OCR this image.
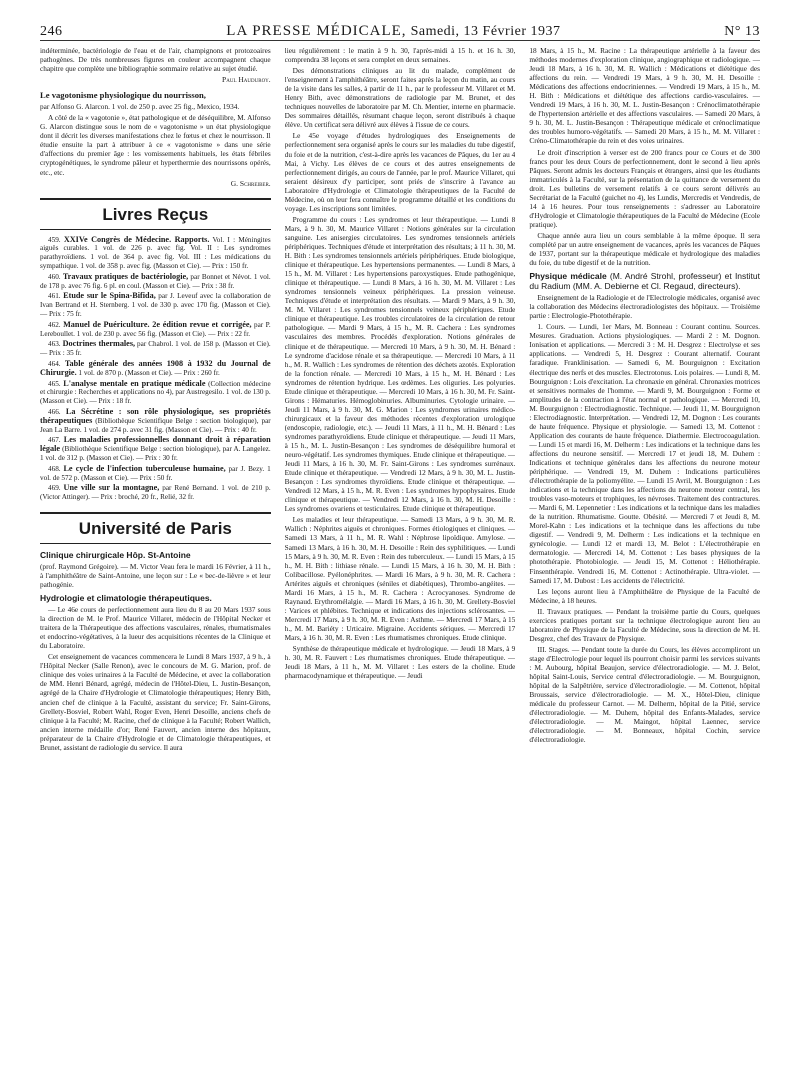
246	LA PRESSE MÉDICALE, Samedi, 13 Février 1937	N° 13

indéterminée, bactériologie de l'eau et de l'air, champignons et protozoaires pathogènes. De très nombreuses figures en couleur accompagnent chaque chapitre que complète une bibliographie sommaire relative au sujet étudié.

Paul Hauduroy.
Le vagotonisme physiologique du nourrisson,

par Alfonso G. Alarcon. 1 vol. de 250 p. avec 25 fig., Mexico, 1934.

A côté de la « vagotonie », état pathologique et de déséquilibre, M. Alfonso G. Alarcon distingue sous le nom de « vagotonisme » un état physiologique dont il décrit les diverses manifestations chez le fœtus et chez le nourrisson. Il étudie ensuite la part à attribuer à ce « vagotonisme » dans une série d'affections du premier âge : les vomissements habituels, les états fébriles cryptogénétiques, le syndrome pâleur et hyperthermie des nourrissons opérés, etc., etc.

G. Schreiber.
Livres Reçus

459. XXIVe Congrès de Médecine. Rapports. Vol. I : Méningites aiguës curables. 1 vol. de 226 p. avec fig. Vol. II : Les syndromes parathyroïdiens. 1 vol. de 364 p. avec fig. Vol. III : Les médications du sympathique. 1 vol. de 358 p. avec fig. (Masson et Cie). — Prix : 150 fr.

460. Travaux pratiques de bactériologie, par Bonnet et Névot. 1 vol. de 178 p. avec 76 fig. 6 pl. en coul. (Masson et Cie). — Prix : 38 fr.

461. Etude sur le Spina-Bifida, par J. Leveuf avec la collaboration de Ivan Bertrand et H. Sternberg. 1 vol. de 330 p. avec 170 fig. (Masson et Cie). — Prix : 75 fr.

462. Manuel de Puériculture. 2e édition revue et corrigée, par P. Lereboullet. 1 vol. de 230 p. avec 56 fig. (Masson et Cie). — Prix : 22 fr.

463. Doctrines thermales, par Chabrol. 1 vol. de 158 p. (Masson et Cie). — Prix : 35 fr.

464. Table générale des années 1908 à 1932 du Journal de Chirurgie. 1 vol. de 870 p. (Masson et Cie). — Prix : 260 fr.

465. L'analyse mentale en pratique médicale (Collection médecine et chirurgie : Recherches et applications no 4), par Austregesilo. 1 vol. de 130 p. (Masson et Cie). — Prix : 18 fr.

466. La Sécrétine : son rôle physiologique, ses propriétés thérapeutiques (Bibliothèque Scientifique Belge : section biologique), par Jean La Barre. 1 vol. de 274 p. avec 31 fig. (Masson et Cie). — Prix : 40 fr.

467. Les maladies professionnelles donnant droit à réparation légale (Bibliothèque Scientifique Belge : section biologique), par A. Langelez. 1 vol. de 312 p. (Masson et Cie). — Prix : 30 fr.

468. Le cycle de l'infection tuberculeuse humaine, par J. Bezy. 1 vol. de 572 p. (Masson et Cie). — Prix : 50 fr.

469. Une ville sur la montagne, par René Bernand. 1 vol. de 210 p. (Victor Attinger). — Prix : broché, 20 fr., Relié, 32 fr.

Université de Paris
Clinique chirurgicale Hôp. St-Antoine

(prof. Raymond Grégoire). — M. Victor Veau fera le mardi 16 Février, à 11 h., à l'amphithéâtre de Saint-Antoine, une leçon sur : Le « bec-de-lièvre » et leur pathogénie.

Hydrologie et climatologie thérapeutiques.

— Le 46e cours de perfectionnement aura lieu du 8 au 20 Mars 1937 sous la direction de M. le Prof. Maurice Villaret, médecin de l'Hôpital Necker et traitera de la Thérapeutique des affections vasculaires, rénales, rhumatismales et endocrino-végétatives, à la lueur des acquisitions récentes de la Clinique et du Laboratoire.

Cet enseignement de vacances commencera le Lundi 8 Mars 1937, à 9 h., à l'Hôpital Necker (Salle Renon), avec le concours de M. G. Marion, prof. de clinique des voies urinaires à la Faculté de Médecine, et avec la collaboration de MM. Henri Bénard, agrégé, médecin de l'Hôtel-Dieu, L. Justin-Besançon, agrégé de la Chaire d'Hydrologie et Climatologie thérapeutiques; Henry Bith, ancien chef de clinique à la Faculté, assistant du service; Fr. Saint-Girons, Grellety-Bosviel, Robert Wahl, Roger Even, Henri Desoille, anciens chefs de clinique à la Faculté; M. Racine, chef de clinique à la Faculté; Robert Wallich, ancien interne médaille d'or; René Fauvert, ancien interne des hôpitaux, préparateur de la Chaire d'Hydrologie et de Climatologie thérapeutiques, et Brunet, assistant de radiologie du service. Il aura

lieu régulièrement : le matin à 9 h. 30, l'après-midi à 15 h. et 16 h. 30, comprendra 38 leçons et sera complet en deux semaines.

Des démonstrations cliniques au lit du malade, complément de l'enseignement à l'amphithéâtre, seront faites après la leçon du matin, au cours de la visite dans les salles, à partir de 11 h., par le professeur M. Villaret et M. Henry Bith, avec démonstrations de radiologie par M. Brunet, et des techniques nouvelles de laboratoire par M. Ch. Mentier, interne en pharmacie. Des sommaires détaillés, résumant chaque leçon, seront distribués à chaque élève. Un certificat sera délivré aux élèves à l'issue de ce cours.

Le 45e voyage d'études hydrologiques des Enseignements de perfectionnement sera organisé après le cours sur les maladies du tube digestif, du foie et de la nutrition, c'est-à-dire après les vacances de Pâques, du 1er au 4 Mai, à Vichy. Les élèves de ce cours et des autres enseignements de perfectionnement dirigés, au cours de l'année, par le prof. Maurice Villaret, qui seraient désireux d'y participer, sont priés de s'inscrire à l'avance au Laboratoire d'Hydrologie et Climatologie thérapeutiques de la Faculté de Médecine, où on leur fera connaître le programme détaillé et les conditions du voyage. Les inscriptions sont limitées.

Programme du cours : Les syndromes et leur thérapeutique. — Lundi 8 Mars, à 9 h. 30, M. Maurice Villaret : Notions générales sur la circulation sanguine. Les anisergies circulatoires. Les syndromes tensionnels artériels périphériques. Techniques d'étude et interprétation des résultats; à 11 h. 30, M. H. Bith : Les syndromes tensionnels artériels périphériques. Etude biologique, clinique et thérapeutique. Les hypertensions permanentes. — Lundi 8 Mars, à 15 h., M. M. Villaret : Les hypertensions paroxystiques. Etude pathogénique, clinique et thérapeutique. — Lundi 8 Mars, à 16 h. 30, M. M. Villaret : Les syndromes tensionnels veineux périphériques. La pression veineuse. Techniques d'étude et interprétation des résultats. — Mardi 9 Mars, à 9 h. 30, M. M. Villaret : Les syndromes tensionnels veineux périphériques. Etude clinique et thérapeutique. Les troubles circulatoires de la circulation de retour pathologique. — Mardi 9 Mars, à 15 h., M. R. Cachera : Les syndromes vasculaires des membres. Procédés d'exploration. Notions générales de clinique et de thérapeutique. — Mercredi 10 Mars, à 9 h. 30, M. H. Bénard : Le syndrome d'acidose rénale et sa thérapeutique. — Mercredi 10 Mars, à 11 h., M. R. Wallich : Les syndromes de rétention des déchets azotés. Exploration de la fonction rénale. — Mercredi 10 Mars, à 15 h., M. H. Bénard : Les syndromes de rétention hydrique. Les œdèmes. Les oliguries. Les polyuries. Etude clinique et thérapeutique. — Mercredi 10 Mars, à 16 h. 30, M. Fr. Saint-Girons : Hématuries. Hémoglobinuries. Albuminuries. Cytologie urinaire. — Jeudi 11 Mars, à 9 h. 30, M. G. Marion : Les syndromes urinaires médico-chirurgicaux et la faveur des méthodes récentes d'exploration urologique (endoscopie, radiologie, etc.). — Jeudi 11 Mars, à 11 h., M. H. Bénard : Les syndromes parathyroïdiens. Etude clinique et thérapeutique. — Jeudi 11 Mars, à 15 h., M. L. Justin-Besançon : Les syndromes de déséquilibre humoral et neuro-végétatif. Les syndromes thymiques. Etude clinique et thérapeutique. — Jeudi 11 Mars, à 16 h. 30, M. Fr. Saint-Girons : Les syndromes surrénaux. Etude clinique et thérapeutique. — Vendredi 12 Mars, à 9 h. 30, M. L. Justin-Besançon : Les syndromes thyroïdiens. Etude clinique et thérapeutique. — Vendredi 12 Mars, à 15 h., M. R. Even : Les syndromes hypophysaires. Etude clinique et thérapeutique. — Vendredi 12 Mars, à 16 h. 30, M. H. Desoille : Les syndromes ovariens et testiculaires. Etude clinique et thérapeutique.

Les maladies et leur thérapeutique. — Samedi 13 Mars, à 9 h. 30, M. R. Wallich : Néphrites aiguës et chroniques. Formes étiologiques et cliniques. — Samedi 13 Mars, à 11 h., M. R. Wahl : Néphrose lipoïdique. Amylose. — Samedi 13 Mars, à 16 h. 30, M. H. Desoille : Rein des syphilitiques. — Lundi 15 Mars, à 9 h. 30, M. R. Even : Rein des tuberculeux. — Lundi 15 Mars, à 15 h., M. H. Bith : lithiase rénale. — Lundi 15 Mars, à 16 h. 30, M. H. Bith : Colibacillose. Pyélonéphrites. — Mardi 16 Mars, à 9 h. 30, M. R. Cachera : Artérites aiguës et chroniques (séniles et diabétiques), Thrombo-angéites. — Mardi 16 Mars, à 15 h., M. R. Cachera : Acrocyanoses. Syndrome de Raynaud. Erythromélalgie. — Mardi 16 Mars, à 16 h. 30, M. Grellety-Bosviel : Varices et phlébites. Technique et indications des injections sclérosantes. — Mercredi 17 Mars, à 9 h. 30, M. R. Even : Asthme. — Mercredi 17 Mars, à 15 h., M. M. Bariéty : Urticaire. Migraine. Accidents sériques. — Mercredi 17 Mars, à 16 h. 30, M. R. Even : Les rhumatismes chroniques. Etude clinique.

Synthèse de thérapeutique médicale et hydrologique. — Jeudi 18 Mars, à 9 h. 30, M. R. Fauvert : Les rhumatismes chroniques. Etude thérapeutique. — Jeudi 18 Mars, à 11 h., M. M. Villaret : Les esters de la choline. Etude pharmacodynamique et thérapeutique. — Jeudi

18 Mars, à 15 h., M. Racine : La thérapeutique artérielle à la faveur des méthodes modernes d'exploration clinique, angiographique et radiologique. — Jeudi 18 Mars, à 16 h. 30, M. R. Wallich : Médications et diététique des affections du rein. — Vendredi 19 Mars, à 9 h. 30, M. H. Desoille : Médications des affections endocriniennes. — Vendredi 19 Mars, à 15 h., M. H. Bith : Médications et diététique des affections cardio-vasculaires. — Vendredi 19 Mars, à 16 h. 30, M. L. Justin-Besançon : Crénoclimatothérapie de l'hypertension artérielle et des affections vasculaires. — Samedi 20 Mars, à 9 h. 30, M. L. Justin-Besançon : Thérapeutique médicale et crénoclimatique des troubles humoro-végétatifs. — Samedi 20 Mars, à 15 h., M. M. Villaret : Créno-Climatothérapie du rein et des voies urinaires.

Le droit d'inscription à verser est de 200 francs pour ce Cours et de 300 francs pour les deux Cours de perfectionnement, dont le second à lieu après Pâques. Seront admis les docteurs Français et étrangers, ainsi que les étudiants immatriculés à la Faculté, sur la présentation de la quittance de versement du droit. Les bulletins de versement relatifs à ce cours seront délivrés au Secrétariat de la Faculté (guichet no 4), les Lundis, Mercredis et Vendredis, de 14 à 16 heures. Pour tous renseignements : s'adresser au Laboratoire d'Hydrologie et Climatologie thérapeutiques de la Faculté de Médecine (Ecole pratique).

Chaque année aura lieu un cours semblable à la même époque. Il sera complété par un autre enseignement de vacances, après les vacances de Pâques de 1937, portant sur la thérapeutique médicale et hydrologique des maladies du foie, du tube digestif et de la nutrition.

Physique médicale (M. André Strohl, professeur) et Institut du Radium (MM. A. Debierne et Cl. Regaud, directeurs).

Enseignement de la Radiologie et de l'Electrologie médicales, organisé avec la collaboration des Médecins électroradiologistes des hôpitaux. — Troisième partie : Electrologie-Photothérapie.

1. Cours. — Lundi, 1er Mars, M. Bonneau : Courant continu. Sources. Mesures. Graduation. Actions physiologiques. — Mardi 2 : M. Dognon. Ionisation et applications. — Mercredi 3 : M. H. Desgrez : Electrolyse et ses applications. — Vendredi 5, H. Desgrez : Courant alternatif. Courant faradique. Franklinisation. — Samedi 6, M. Bourguignon : Excitation électrique des nerfs et des muscles. Electrotonus. Lois polaires. — Lundi 8, M. Bourguignon : Lois d'excitation. La chronaxie en général. Chronaxies motrices et sensitives normales de l'homme. — Mardi 9, M. Bourguignon : Forme et amplitudes de la contraction à l'état normal et pathologique. — Mercredi 10, M. Bourguignon : Electrodiagnostic. Technique. — Jeudi 11, M. Bourguignon : Electrodiagnostic. Interprétation. — Vendredi 12, M. Dognon : Les courants de haute fréquence. Physique et physiologie. — Samedi 13, M. Cottenot : Application des courants de haute fréquence. Diathermie. Electrocoagulation. — Lundi 15 et mardi 16, M. Delherm : Les indications et la technique dans les affections du neurone sensitif. — Mercredi 17 et jeudi 18, M. Duhem : Indications et technique générales dans les affections du neurone moteur périphérique. — Vendredi 19, M. Duhem : Indications particulières d'électrothérapie de la poliomyélite. — Lundi 15 Avril, M. Bourguignon : Les indications et la technique dans les affections du neurone moteur central, les troubles vaso-moteurs et trophiques, les névroses. Traitement des contractures. — Mardi 6, M. Lepennetier : Les indications et la technique dans les maladies de la nutrition. Rhumatisme. Goutte. Obésité. — Mercredi 7 et Jeudi 8, M. Morel-Kahn : Les indications et la technique dans les affections du tube digestif. — Vendredi 9, M. Delherm : Les indications et la technique en gynécologie. — Lundi 12 et mardi 13, M. Belot : L'électrothérapie en dermatologie. — Mercredi 14, M. Cottenot : Les bases physiques de la photothérapie. Photobiologie. — Jeudi 15, M. Cottenot : Héliothérapie. Finsenthérapie. Vendredi 16, M. Cottenot : Actinothérapie. Ultra-violet. — Samedi 17, M. Dubost : Les accidents de l'électricité.

Les leçons auront lieu à l'Amphithéâtre de Physique de la Faculté de Médecine, à 18 heures.

II. Travaux pratiques. — Pendant la troisième partie du Cours, quelques exercices pratiques portant sur la technique électrologique auront lieu au laboratoire de Physique de la Faculté de Médecine, sous la direction de M. H. Desgrez, chef des Travaux de Physique.

III. Stages. — Pendant toute la durée du Cours, les élèves accompliront un stage d'Electrologie pour lequel ils pourront choisir parmi les services suivants : M. Aubourg, hôpital Beaujon, service d'électroradiologie. — M. J. Belot, hôpital Saint-Louis, Service central d'électroradiologie. — M. Bourguignon, hôpital de la Salpêtrière, service d'électroradiologie. — M. Cottenot, hôpital Broussais, service d'électroradiologie. — M. X., Hôtel-Dieu, clinique médicale du professeur Carnot. — M. Delherm, hôpital de la Pitié, service d'électroradiologie. — M. Duhem, hôpital des Enfants-Malades, service d'électroradiologie. — M. Maingot, hôpital Laennec, service d'électroradiologie. — M. Bonneaux, hôpital Cochin, service d'électroradiologie.
